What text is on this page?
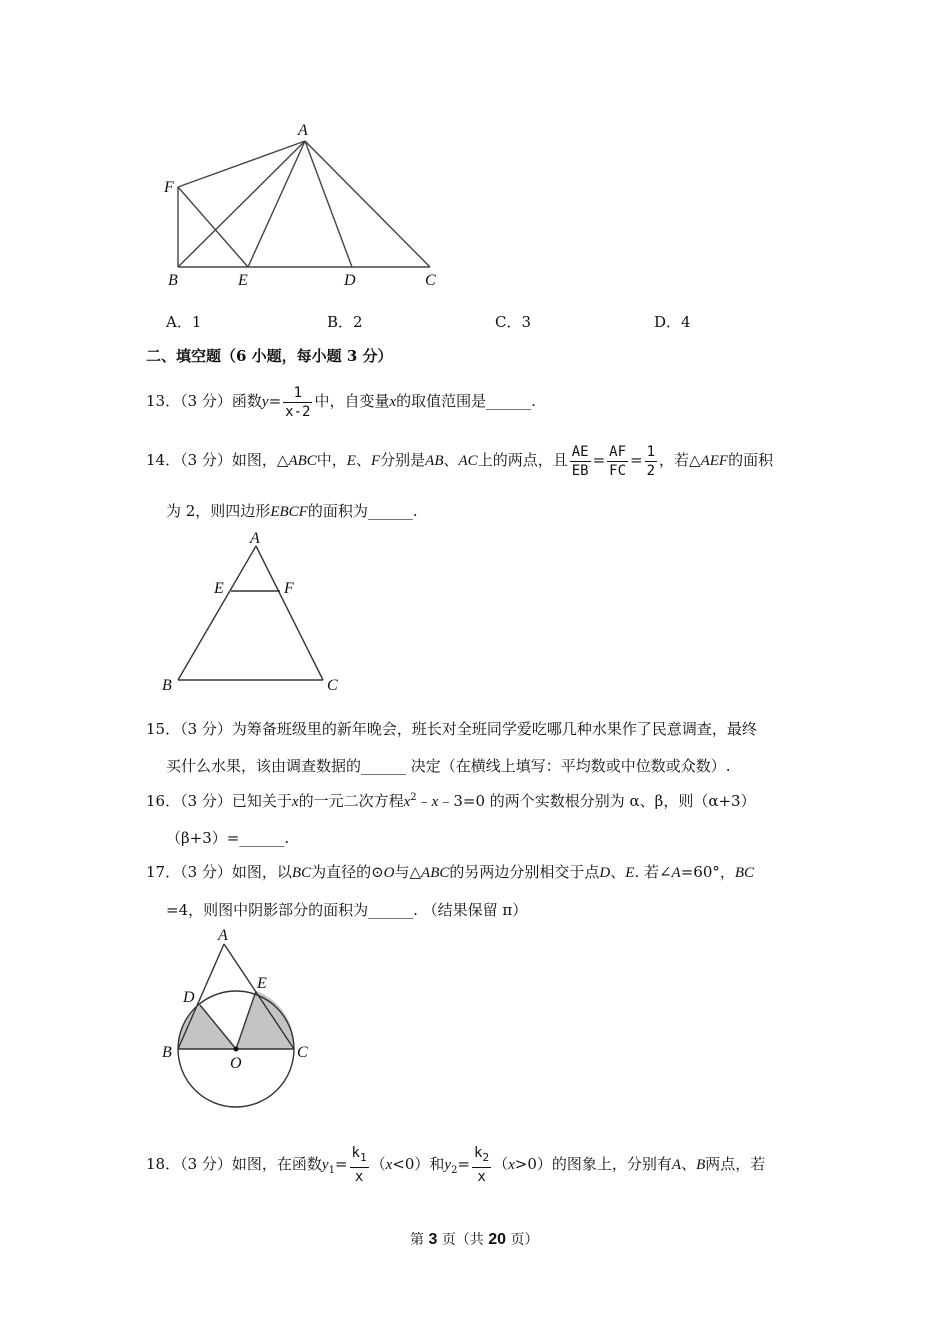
A
F
B	E	D	C
A．1	B．2	C．3	D．4
二、填空题（6 小题，每小题 3 分）
13．（3 分）函数$y= \frac{1}{x-2}$ 中，自变量x的取值范围是______.
14．（3 分）如图，△ABC中，E、F分别是AB、AC上的两点，且 $\frac{AE}{EB} = \frac{AF}{FC} = \frac{1}{2}$ ，若△AEF的面积
为 2，则四边形EBCF的面积为______.
A
E	F
B	C
15．（3 分）为筹备班级里的新年晚会，班长对全班同学爱吃哪几种水果作了民意调查，最终
买什么水果，该由调查数据的______ 决定（在横线上填写：平均数或中位数或众数）.
16．（3 分）已知关于x的一元二次方程$x^2﹣x﹣3=0$ 的两个实数根分别为 α、β，则（α+3）
（β+3）=______.
17．（3 分）如图，以BC为直径的⊙O与△ABC的另两边分别相交于点D、E. 若∠A=60°，BC
=4，则图中阴影部分的面积为______. （结果保留 π）
A
D
E
B
O
C
18．（3 分）如图，在函数$y_1= \frac{k_1}{x} (x<0)$和$y_2= \frac{k_2}{x} (x>0)$的图象上，分别有A、B两点，若
第 3 页（共 20 页）
